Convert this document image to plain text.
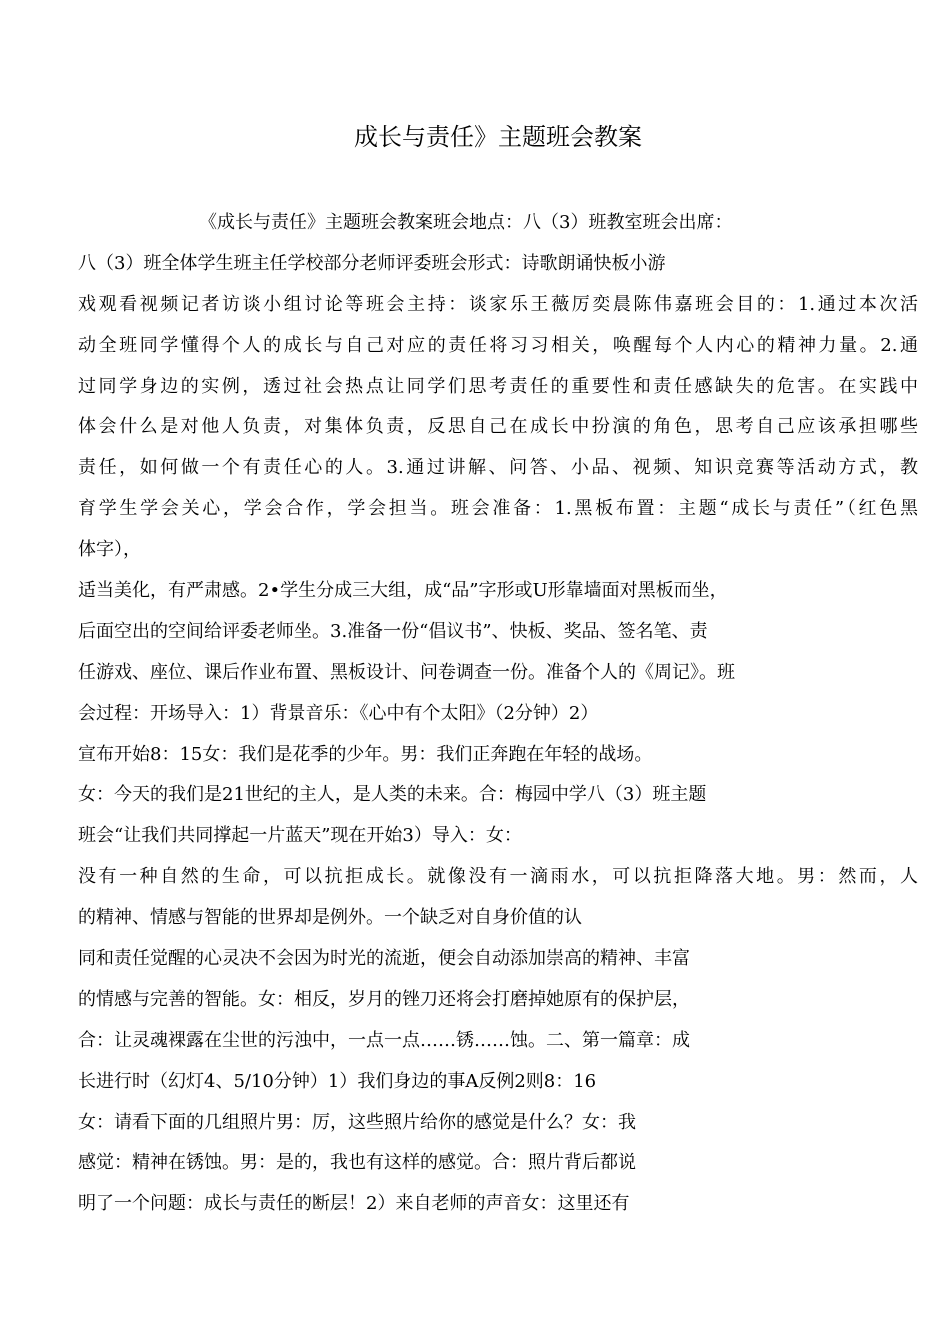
成长与责任》主题班会教案
《成长与责任》主题班会教案班会地点：八（3）班教室班会出席：
八（3）班全体学生班主任学校部分老师评委班会形式：诗歌朗诵快板小游
戏观看视频记者访谈小组讨论等班会主持：谈家乐王薇厉奕晨陈伟嘉班会目的：1.通过本次活
动全班同学懂得个人的成长与自己对应的责任将习习相关，唤醒每个人内心的精神力量。2.通
过同学身边的实例，透过社会热点让同学们思考责任的重要性和责任感缺失的危害。在实践中
体会什么是对他人负责，对集体负责，反思自己在成长中扮演的角色，思考自己应该承担哪些
责任，如何做一个有责任心的人。3.通过讲解、问答、小品、视频、知识竞赛等活动方式，教
育学生学会关心，学会合作，学会担当。班会准备：1.黑板布置：主题“成长与责任”（红色黑
体字），
适当美化，有严肃感。2•学生分成三大组，成“品”字形或U形靠墙面对黑板而坐，
后面空出的空间给评委老师坐。3.准备一份“倡议书”、快板、奖品、签名笔、责
任游戏、座位、课后作业布置、黑板设计、问卷调查一份。准备个人的《周记》。班
会过程：开场导入：1）背景音乐：《心中有个太阳》（2分钟）2）
宣布开始8：15女：我们是花季的少年。男：我们正奔跑在年轻的战场。
女：今天的我们是21世纪的主人，是人类的未来。合：梅园中学八（3）班主题
班会“让我们共同撑起一片蓝天”现在开始3）导入：女：
没有一种自然的生命，可以抗拒成长。就像没有一滴雨水，可以抗拒降落大地。男：然而，人
的精神、情感与智能的世界却是例外。一个缺乏对自身价值的认
同和责任觉醒的心灵决不会因为时光的流逝，便会自动添加崇高的精神、丰富
的情感与完善的智能。女：相反，岁月的锉刀还将会打磨掉她原有的保护层，
合：让灵魂裸露在尘世的污浊中，一点一点……锈……蚀。二、第一篇章：成
长进行时（幻灯4、5/10分钟）1）我们身边的事A反例2则8：16
女：请看下面的几组照片男：厉，这些照片给你的感觉是什么？女：我
感觉：精神在锈蚀。男：是的，我也有这样的感觉。合：照片背后都说
明了一个问题：成长与责任的断层！2）来自老师的声音女：这里还有
